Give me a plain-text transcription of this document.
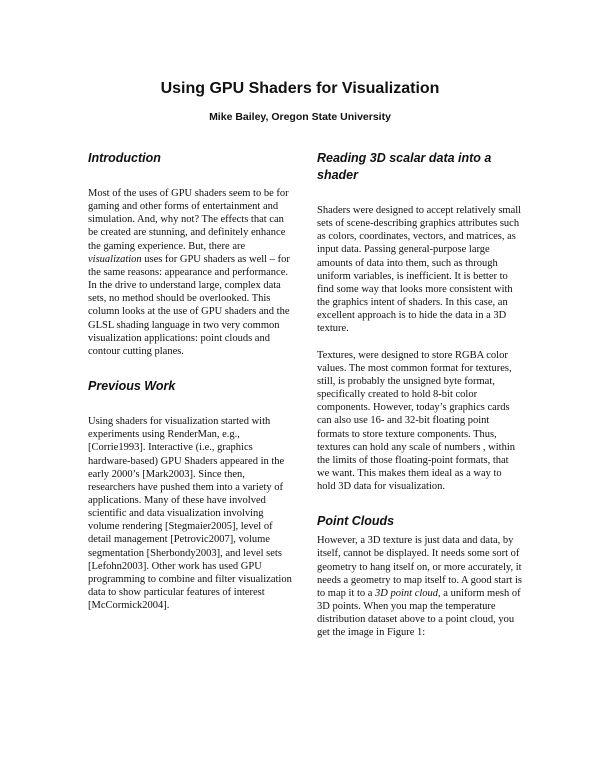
Using GPU Shaders for Visualization
Mike Bailey, Oregon State University
Introduction

Most of the uses of GPU shaders seem to be for gaming and other forms of entertainment and simulation. And, why not? The effects that can be created are stunning, and definitely enhance the gaming experience. But, there are visualization uses for GPU shaders as well – for the same reasons: appearance and performance. In the drive to understand large, complex data sets, no method should be overlooked. This column looks at the use of GPU shaders and the GLSL shading language in two very common visualization applications: point clouds and contour cutting planes.

Previous Work

Using shaders for visualization started with experiments using RenderMan, e.g., [Corrie1993]. Interactive (i.e., graphics hardware-based) GPU Shaders appeared in the early 2000’s [Mark2003]. Since then, researchers have pushed them into a variety of applications. Many of these have involved scientific and data visualization involving volume rendering [Stegmaier2005], level of detail management [Petrovic2007], volume segmentation [Sherbondy2003], and level sets [Lefohn2003]. Other work has used GPU programming to combine and filter visualization data to show particular features of interest [McCormick2004].

Reading 3D scalar data into a shader

Shaders were designed to accept relatively small sets of scene-describing graphics attributes such as colors, coordinates, vectors, and matrices, as input data. Passing general-purpose large amounts of data into them, such as through uniform variables, is inefficient. It is better to find some way that looks more consistent with the graphics intent of shaders. In this case, an excellent approach is to hide the data in a 3D texture.

Textures, were designed to store RGBA color values. The most common format for textures, still, is probably the unsigned byte format, specifically created to hold 8-bit color components. However, today’s graphics cards can also use 16- and 32-bit floating point formats to store texture components. Thus, textures can hold any scale of numbers , within the limits of those floating-point formats, that we want. This makes them ideal as a way to hold 3D data for visualization.

Point Clouds

However, a 3D texture is just data and data, by itself, cannot be displayed. It needs some sort of geometry to hang itself on, or more accurately, it needs a geometry to map itself to. A good start is to map it to a 3D point cloud, a uniform mesh of 3D points. When you map the temperature distribution dataset above to a point cloud, you get the image in Figure 1:
